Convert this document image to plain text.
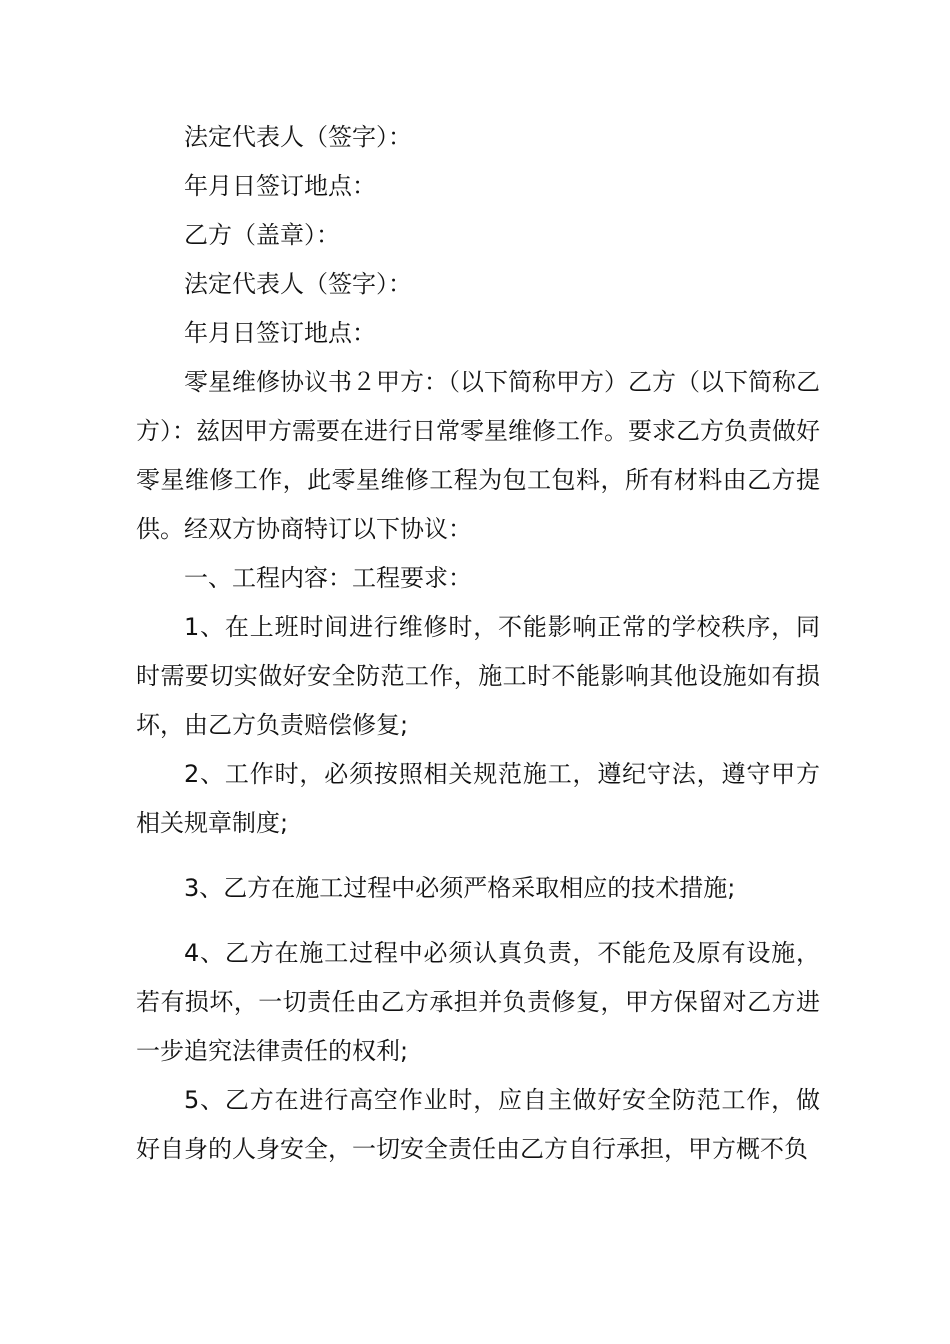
法定代表人（签字）：

年月日签订地点：

乙方（盖章）：

法定代表人（签字）：

年月日签订地点：

零星维修协议书２甲方：（以下简称甲方）乙方（以下简称乙方）：兹因甲方需要在进行日常零星维修工作。要求乙方负责做好零星维修工作，此零星维修工程为包工包料，所有材料由乙方提供。经双方协商特订以下协议：

一、工程内容：工程要求：

1、在上班时间进行维修时，不能影响正常的学校秩序，同时需要切实做好安全防范工作，施工时不能影响其他设施如有损坏，由乙方负责赔偿修复;

2、工作时，必须按照相关规范施工，遵纪守法，遵守甲方相关规章制度;

3、乙方在施工过程中必须严格采取相应的技术措施;

4、乙方在施工过程中必须认真负责，不能危及原有设施，若有损坏，一切责任由乙方承担并负责修复，甲方保留对乙方进一步追究法律责任的权利;

5、乙方在进行高空作业时，应自主做好安全防范工作，做好自身的人身安全，一切安全责任由乙方自行承担，甲方概不负
